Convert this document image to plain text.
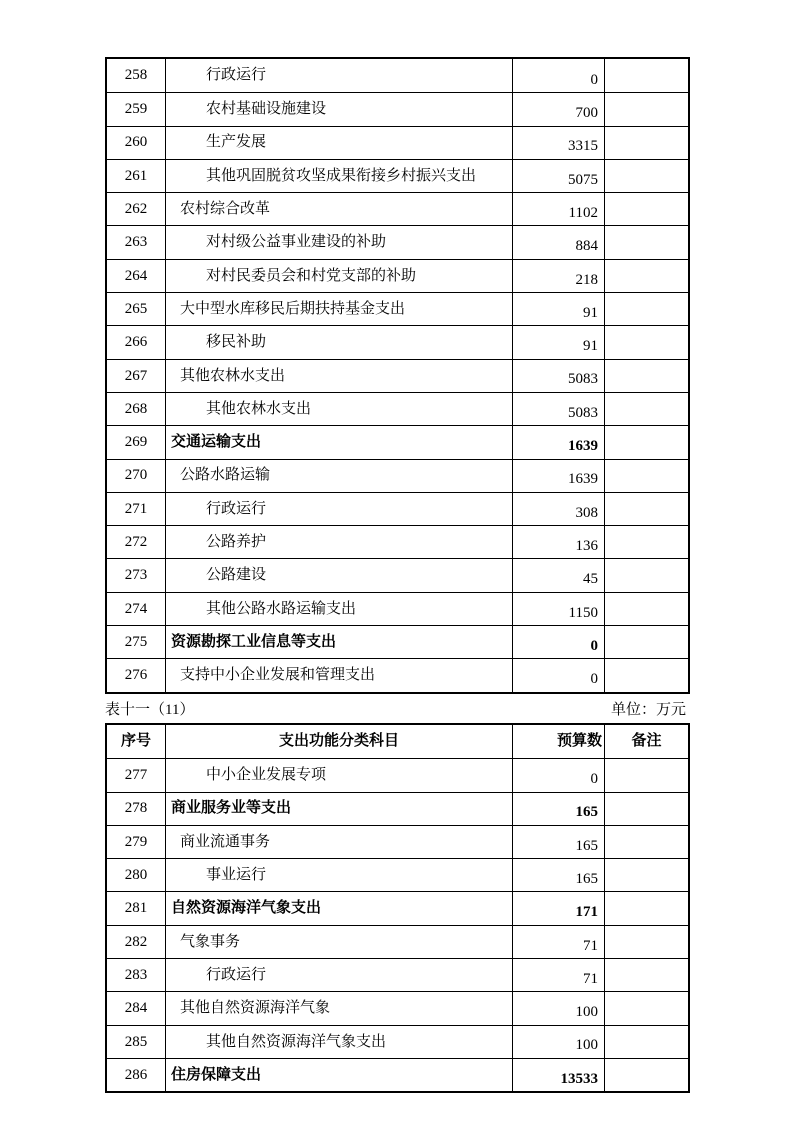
258	行政运行	0
259	农村基础设施建设	700
260	生产发展	3315
261	其他巩固脱贫攻坚成果衔接乡村振兴支出	5075
262 农村综合改革	1102
263	对村级公益事业建设的补助	884
264	对村民委员会和村党支部的补助	218
265 大中型水库移民后期扶持基金支出	91
266	移民补助	91
267 其他农林水支出	5083
268	其他农林水支出	5083
269 交通运输支出	1639
270 公路水路运输	1639
271	行政运行	308
272	公路养护	136
273	公路建设	45
274	其他公路水路运输支出	1150
275 资源勘探工业信息等支出	0
276 支持中小企业发展和管理支出	0
表十一（11）	单位：万元
序号	支出功能分类科目	预算数 备注
277	中小企业发展专项	0
278 商业服务业等支出	165
279 商业流通事务	165
280	事业运行	165
281 自然资源海洋气象支出	171
282 气象事务	71
283	行政运行	71
284 其他自然资源海洋气象	100
285	其他自然资源海洋气象支出	100
286 住房保障支出	13533
